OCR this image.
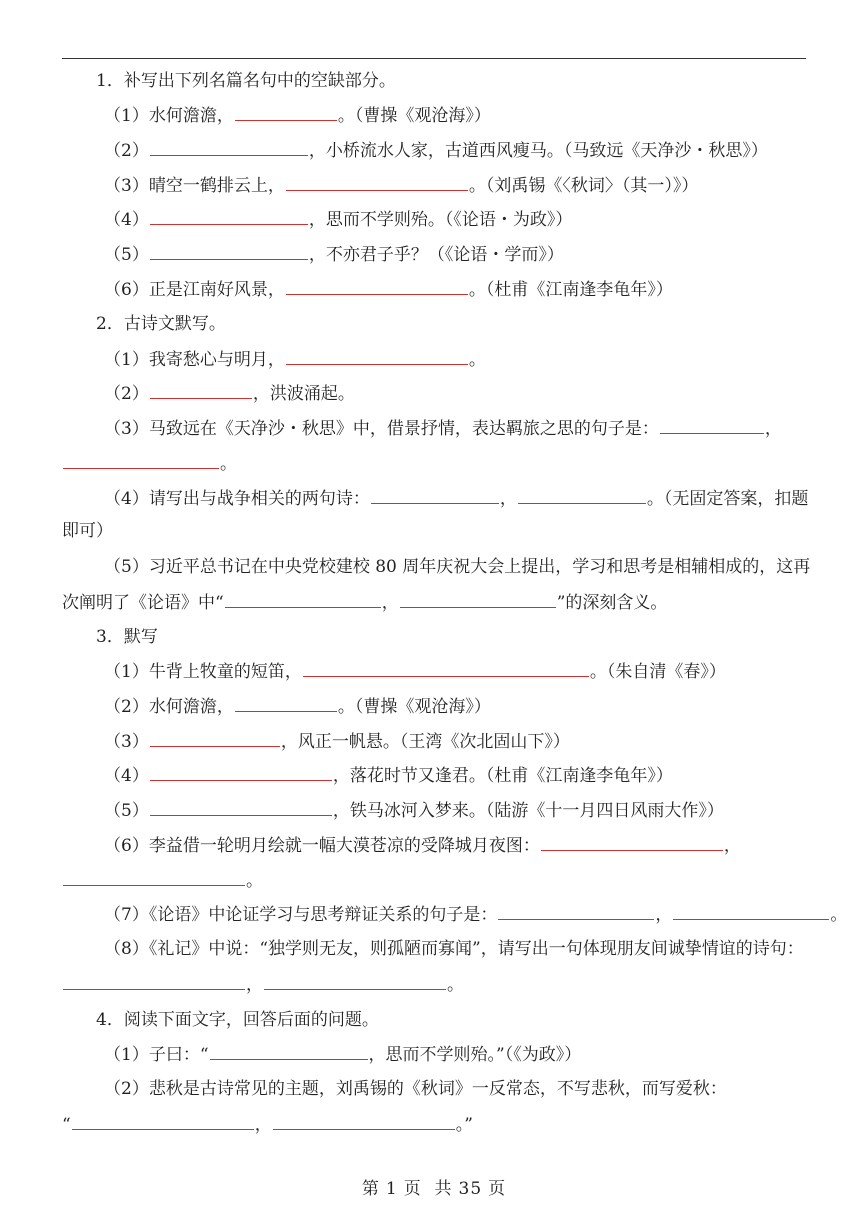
1．补写出下列名篇名句中的空缺部分。
（1）水何澹澹，	。（曹操《观沧海》）
（2）	，小桥流水人家，古道西风瘦马。（马致远《天净沙・秋思》）
（3）晴空一鹤排云上，	。（刘禹锡《〈秋词〉（其一）》）
（4）	，思而不学则殆。（《论语・为政》）
（5）	，不亦君子乎？（《论语・学而》）
（6）正是江南好风景，	。（杜甫《江南逢李龟年》）
2．古诗文默写。
（1）我寄愁心与明月，	。
（2）	，洪波涌起。
（3）马致远在《天净沙・秋思》中，借景抒情，表达羁旅之思的句子是：	，
。
（4）请写出与战争相关的两句诗：	，	。（无固定答案，扣题
即可）
（5）习近平总书记在中央党校建校 80 周年庆祝大会上提出，学习和思考是相辅相成的，这再
次阐明了《论语》中“	，	”的深刻含义。
3．默写
（1）牛背上牧童的短笛，	。（朱自清《春》）
（2）水何澹澹，	。（曹操《观沧海》）
（3）	，风正一帆悬。（王湾《次北固山下》）
（4）	，落花时节又逢君。（杜甫《江南逢李龟年》）
（5）	，铁马冰河入梦来。（陆游《十一月四日风雨大作》）
（6）李益借一轮明月绘就一幅大漠苍凉的受降城月夜图：	，
。
（7）《论语》中论证学习与思考辩证关系的句子是：	，	。
（8）《礼记》中说：“独学则无友，则孤陋而寡闻”，请写出一句体现朋友间诚挚情谊的诗句：
，	。
4．阅读下面文字，回答后面的问题。
（1）子曰：“	，思而不学则殆。”（《为政》）
（2）悲秋是古诗常见的主题，刘禹锡的《秋词》一反常态，不写悲秋，而写爱秋：
“	，	。”
第 1 页 共 35 页
